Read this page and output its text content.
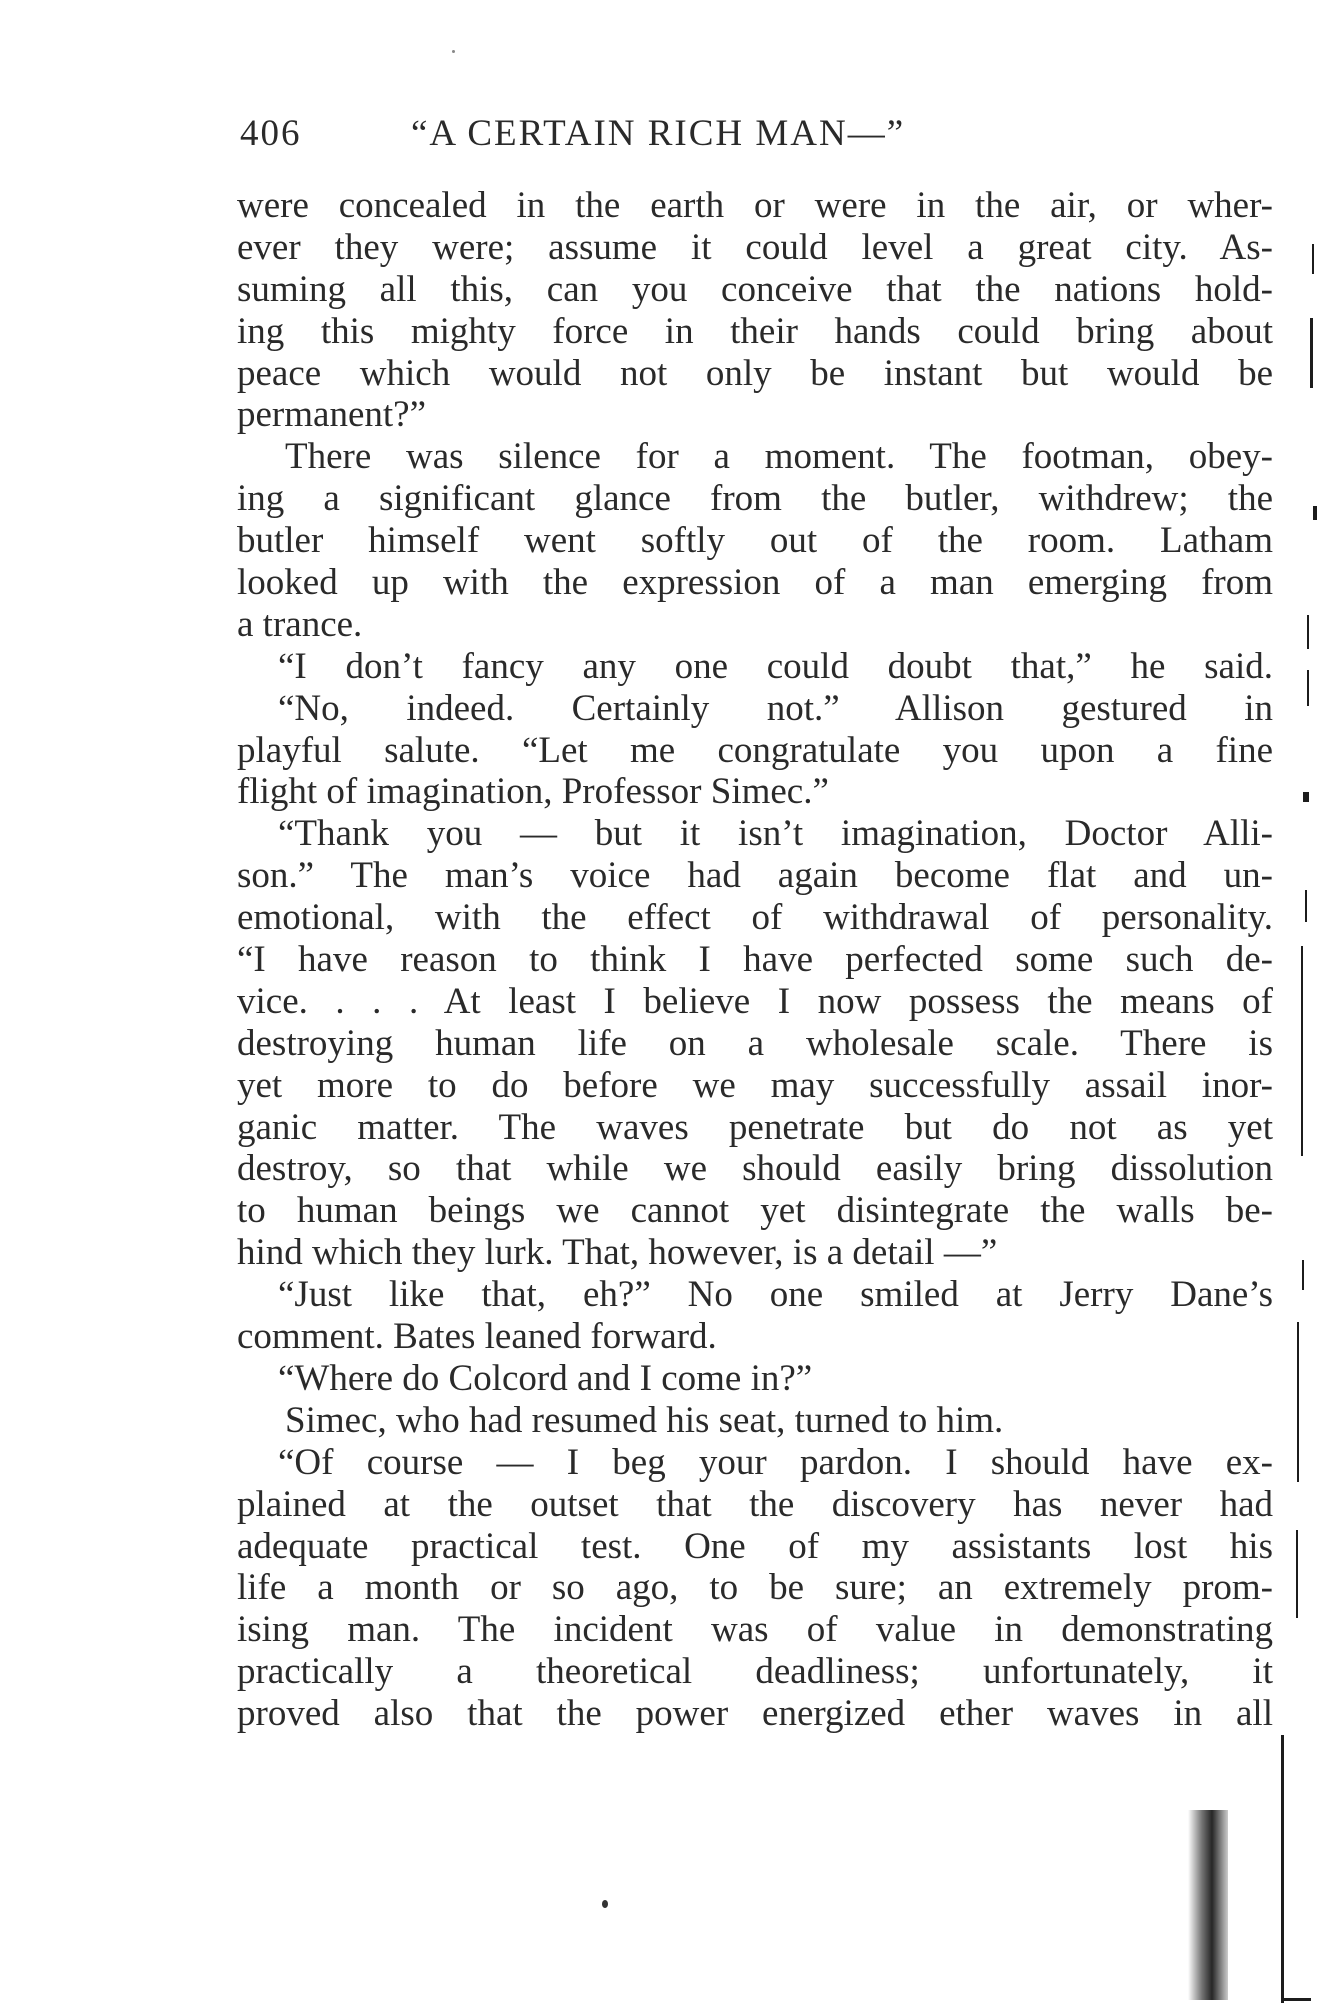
406	“A CERTAIN RICH MAN—”
were concealed in the earth or were in the air, or wher-
ever they were; assume it could level a great city. As-
suming all this, can you conceive that the nations hold-
ing this mighty force in their hands could bring about
peace which would not only be instant but would be
permanent?”
There was silence for a moment. The footman, obey-
ing a significant glance from the butler, withdrew; the
butler himself went softly out of the room. Latham
looked up with the expression of a man emerging from
a trance.
“I don’t fancy any one could doubt that,” he said.
“No, indeed. Certainly not.” Allison gestured in
playful salute. “Let me congratulate you upon a fine
flight of imagination, Professor Simec.”
“Thank you — but it isn’t imagination, Doctor Alli-
son.” The man’s voice had again become flat and un-
emotional, with the effect of withdrawal of personality.
“I have reason to think I have perfected some such de-
vice. . . . At least I believe I now possess the means of
destroying human life on a wholesale scale. There is
yet more to do before we may successfully assail inor-
ganic matter. The waves penetrate but do not as yet
destroy, so that while we should easily bring dissolution
to human beings we cannot yet disintegrate the walls be-
hind which they lurk. That, however, is a detail —”
“Just like that, eh?” No one smiled at Jerry Dane’s
comment. Bates leaned forward.
“Where do Colcord and I come in?”
Simec, who had resumed his seat, turned to him.
“Of course — I beg your pardon. I should have ex-
plained at the outset that the discovery has never had
adequate practical test. One of my assistants lost his
life a month or so ago, to be sure; an extremely prom-
ising man. The incident was of value in demonstrating
practically a theoretical deadliness; unfortunately, it
proved also that the power energized ether waves in all
